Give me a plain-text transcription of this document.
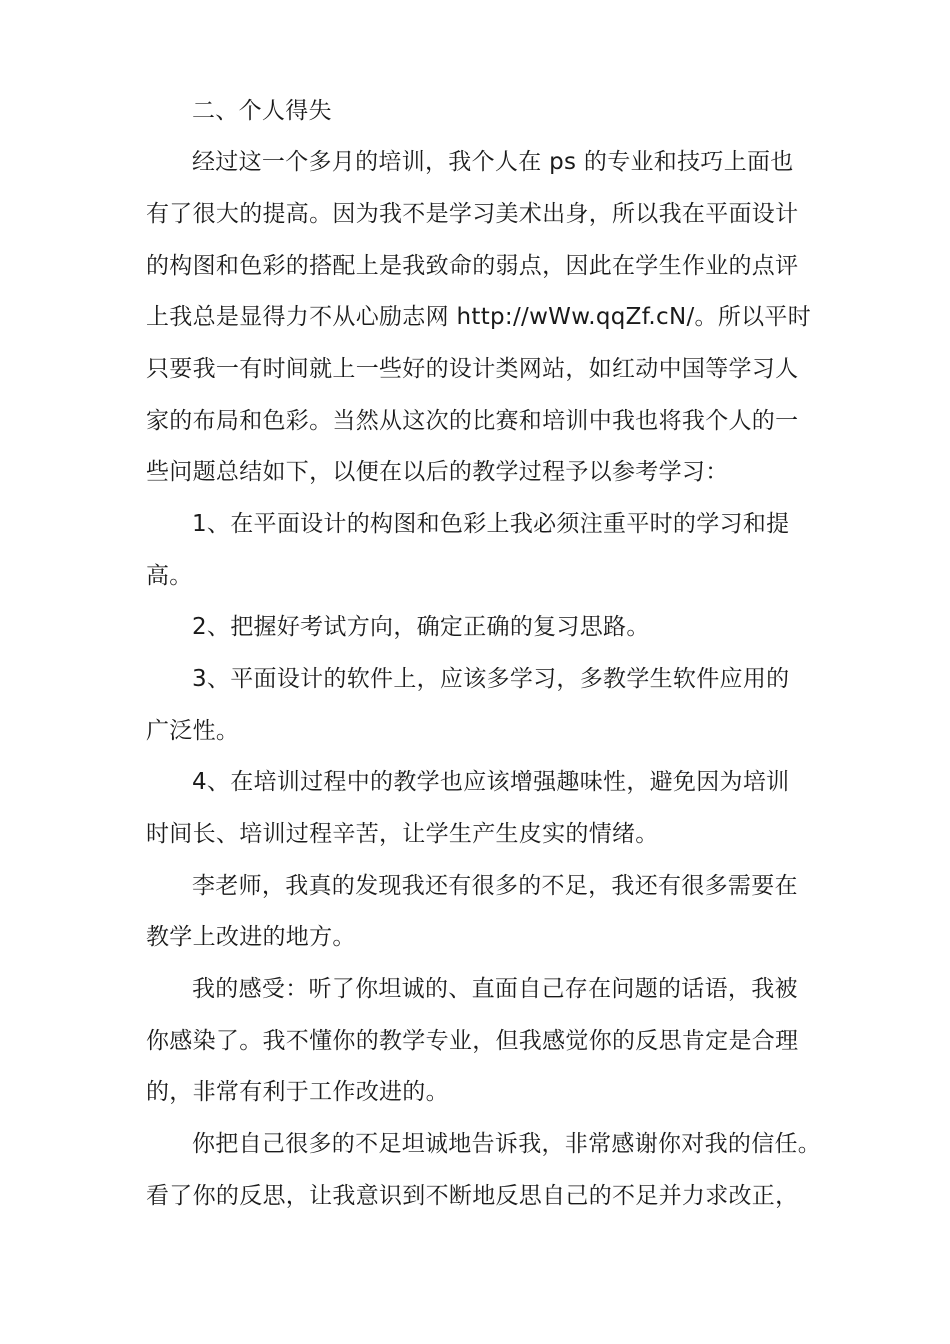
二、个人得失

经过这一个多月的培训，我个人在 ps 的专业和技巧上面也

有了很大的提高。因为我不是学习美术出身，所以我在平面设计

的构图和色彩的搭配上是我致命的弱点，因此在学生作业的点评

上我总是显得力不从心励志网 http://wWw.qqZf.cN/。所以平时

只要我一有时间就上一些好的设计类网站，如红动中国等学习人

家的布局和色彩。当然从这次的比赛和培训中我也将我个人的一

些问题总结如下，以便在以后的教学过程予以参考学习：

1、在平面设计的构图和色彩上我必须注重平时的学习和提

高。

2、把握好考试方向，确定正确的复习思路。

3、平面设计的软件上，应该多学习，多教学生软件应用的

广泛性。

4、在培训过程中的教学也应该增强趣味性，避免因为培训

时间长、培训过程辛苦，让学生产生皮实的情绪。

李老师，我真的发现我还有很多的不足，我还有很多需要在

教学上改进的地方。

我的感受：听了你坦诚的、直面自己存在问题的话语，我被

你感染了。我不懂你的教学专业，但我感觉你的反思肯定是合理

的，非常有利于工作改进的。

你把自己很多的不足坦诚地告诉我，非常感谢你对我的信任。

看了你的反思，让我意识到不断地反思自己的不足并力求改正，
